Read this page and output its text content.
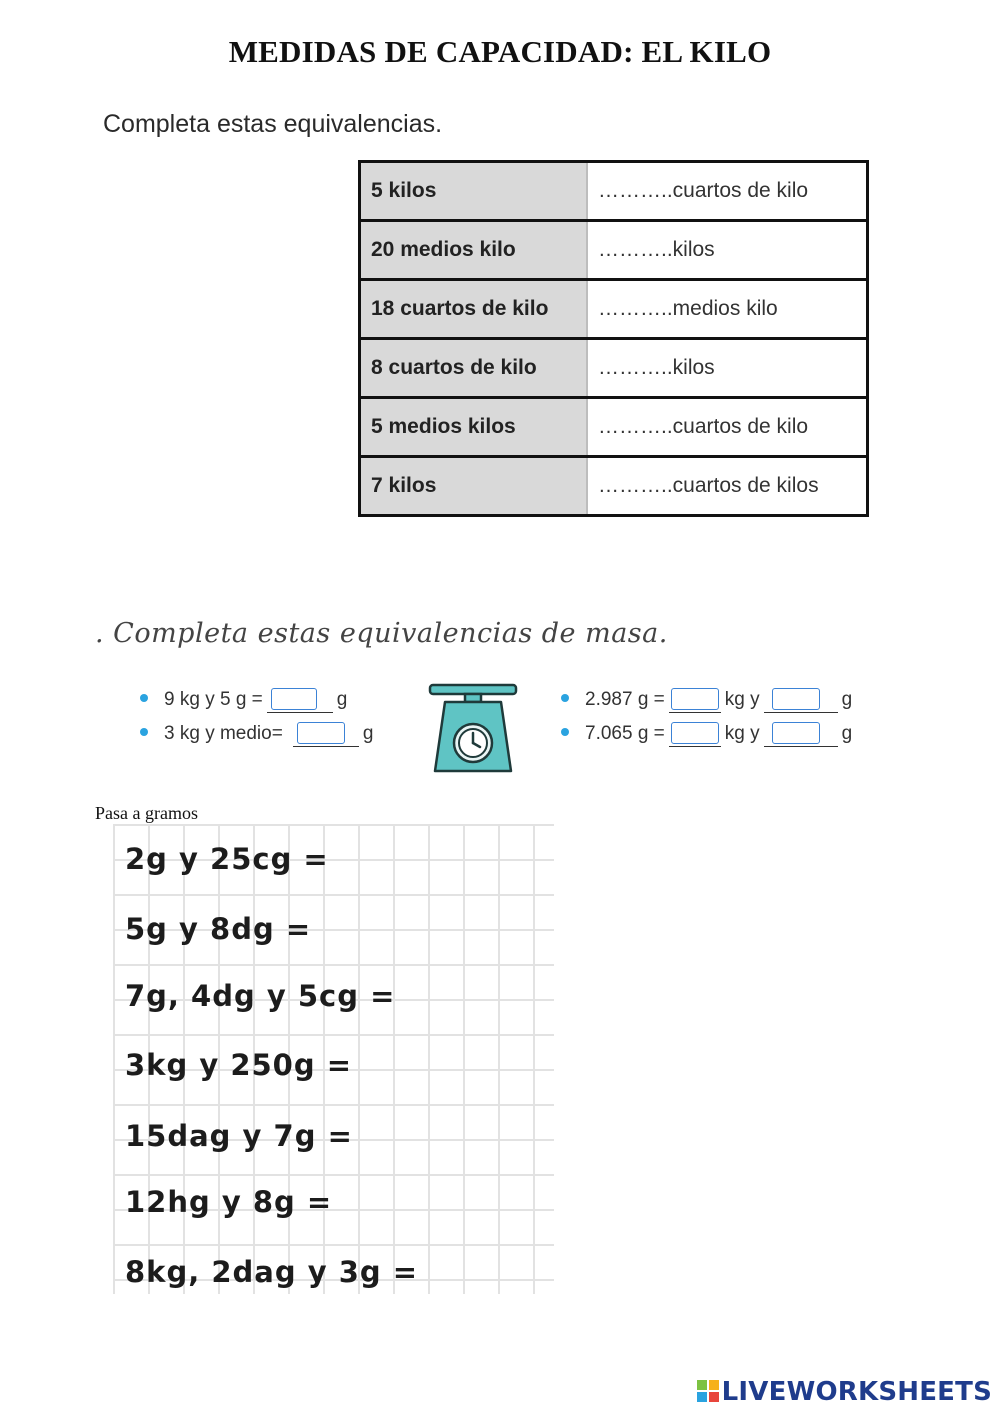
MEDIDAS DE CAPACIDAD: EL KILO
Completa estas equivalencias.
5 kilos	………..cuartos de kilo
20 medios kilo	………..kilos
18 cuartos de kilo	………..medios kilo
8 cuartos de kilo	………..kilos
5 medios kilos	………..cuartos de kilo
7 kilos	………..cuartos de kilos
. Completa estas equivalencias de masa.
9 kg y 5 g =	g
3 kg y medio=	g
2.987 g =	kg y	g
7.065 g =	kg y	g
Pasa a gramos
2g y 25cg =
5g y 8dg =
7g, 4dg y 5cg =
3kg y 250g =
15dag y 7g =
12hg y 8g =
8kg, 2dag y 3g =
LIVEWORKSHEETS
